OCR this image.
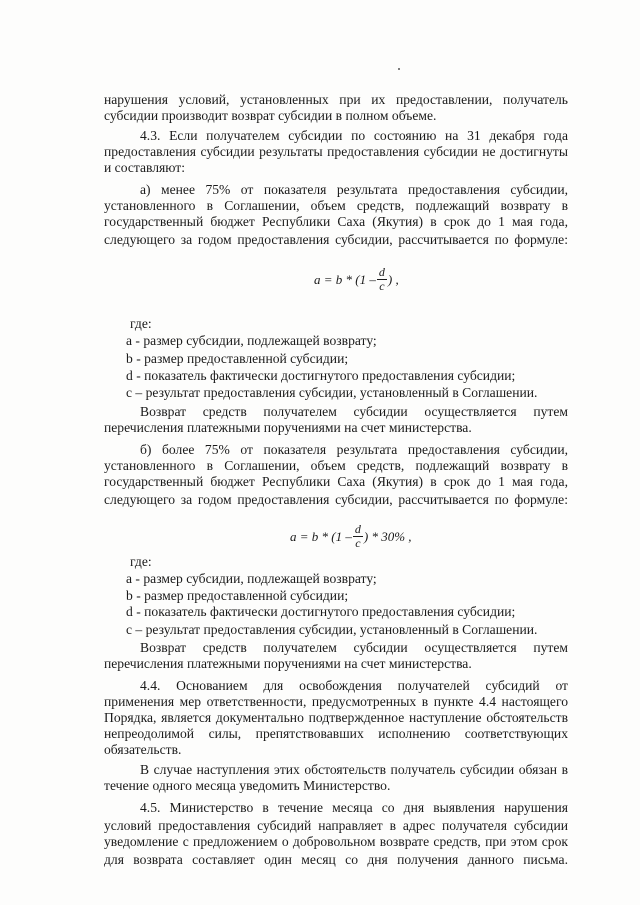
нарушения условий, установленных при их предоставлении, получатель
субсидии производит возврат субсидии в полном объеме.
4.3. Если получателем субсидии по состоянию на 31 декабря года
предоставления субсидии результаты предоставления субсидии не достигнуты
и составляют:
а) менее 75% от показателя результата предоставления субсидии,
установленного в Соглашении, объем средств, подлежащий возврату в
государственный бюджет Республики Саха (Якутия) в срок до 1 мая года,
следующего за годом предоставления субсидии, рассчитывается по формуле:
где:
a - размер субсидии, подлежащей возврату;
b - размер предоставленной субсидии;
d - показатель фактически достигнутого предоставления субсидии;
c – результат предоставления субсидии, установленный в Соглашении.
Возврат средств получателем субсидии осуществляется путем
перечисления платежными поручениями на счет министерства.
б) более 75% от показателя результата предоставления субсидии,
установленного в Соглашении, объем средств, подлежащий возврату в
государственный бюджет Республики Саха (Якутия) в срок до 1 мая года,
следующего за годом предоставления субсидии, рассчитывается по формуле:
где:
a - размер субсидии, подлежащей возврату;
b - размер предоставленной субсидии;
d - показатель фактически достигнутого предоставления субсидии;
c – результат предоставления субсидии, установленный в Соглашении.
Возврат средств получателем субсидии осуществляется путем
перечисления платежными поручениями на счет министерства.
4.4. Основанием для освобождения получателей субсидий от
применения мер ответственности, предусмотренных в пункте 4.4 настоящего
Порядка, является документально подтвержденное наступление обстоятельств
непреодолимой силы, препятствовавших исполнению соответствующих
обязательств.
В случае наступления этих обстоятельств получатель субсидии обязан в
течение одного месяца уведомить Министерство.
4.5. Министерство в течение месяца со дня выявления нарушения
условий предоставления субсидий направляет в адрес получателя субсидии
уведомление с предложением о добровольном возврате средств, при этом срок
для возврата составляет один месяц со дня получения данного письма.
$a = b * (1 - \frac{d}{c}$ ) ,
$a = b * (1 - \frac{d}{c}$ ) * 30% ,
